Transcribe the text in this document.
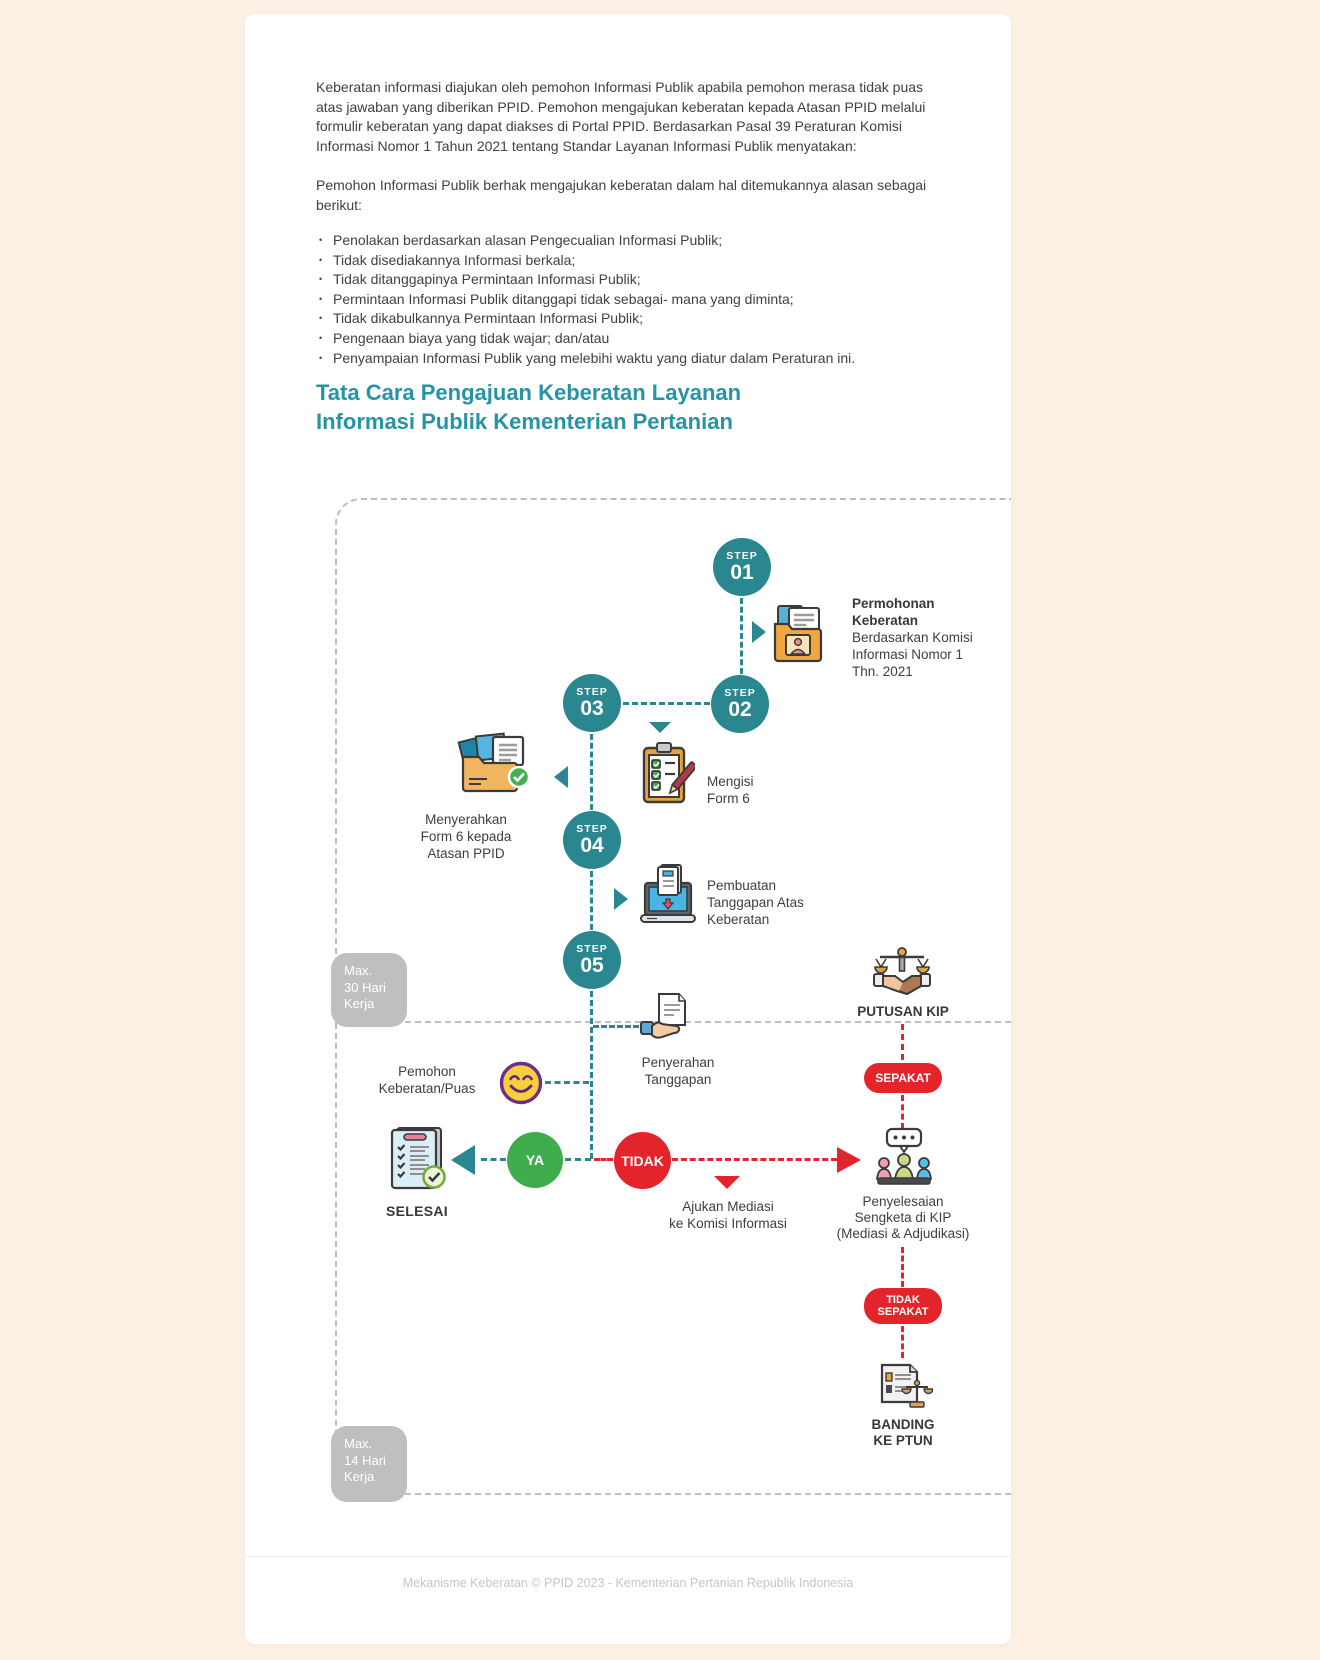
Keberatan informasi diajukan oleh pemohon Informasi Publik apabila pemohon merasa tidak puas atas jawaban yang diberikan PPID. Pemohon mengajukan keberatan kepada Atasan PPID melalui formulir keberatan yang dapat diakses di Portal PPID. Berdasarkan Pasal 39 Peraturan Komisi Informasi Nomor 1 Tahun 2021 tentang Standar Layanan Informasi Publik menyatakan:

Pemohon Informasi Publik berhak mengajukan keberatan dalam hal ditemukannya alasan sebagai berikut:

• Penolakan berdasarkan alasan Pengecualian Informasi Publik;
• Tidak disediakannya Informasi berkala;
• Tidak ditanggapinya Permintaan Informasi Publik;
• Permintaan Informasi Publik ditanggapi tidak sebagai- mana yang diminta;
• Tidak dikabulkannya Permintaan Informasi Publik;
• Pengenaan biaya yang tidak wajar; dan/atau
• Penyampaian Informasi Publik yang melebihi waktu yang diatur dalam Peraturan ini.
Tata Cara Pengajuan Keberatan Layanan
Informasi Publik Kementerian Pertanian
Max.
30 Hari
Kerja
Max.
14 Hari
Kerja
STEP
01
STEP
02
STEP
03
STEP
04
STEP
05
YA	TIDAK
SEPAKAT
TIDAK
SEPAKAT
Permohonan
Keberatan
Berdasarkan Komisi
Informasi Nomor 1
Thn. 2021
Mengisi
Form 6
Menyerahkan
Form 6 kepada
Atasan PPID
Pembuatan
Tanggapan Atas
Keberatan
Penyerahan
Tanggapan
Pemohon
Keberatan/Puas
SELESAI	Ajukan Mediasi
ke Komisi Informasi
PUTUSAN KIP
Penyelesaian
Sengketa di KIP
(Mediasi & Adjudikasi)
BANDING
KE PTUN
Mekanisme Keberatan © PPID 2023 - Kementerian Pertanian Republik Indonesia
